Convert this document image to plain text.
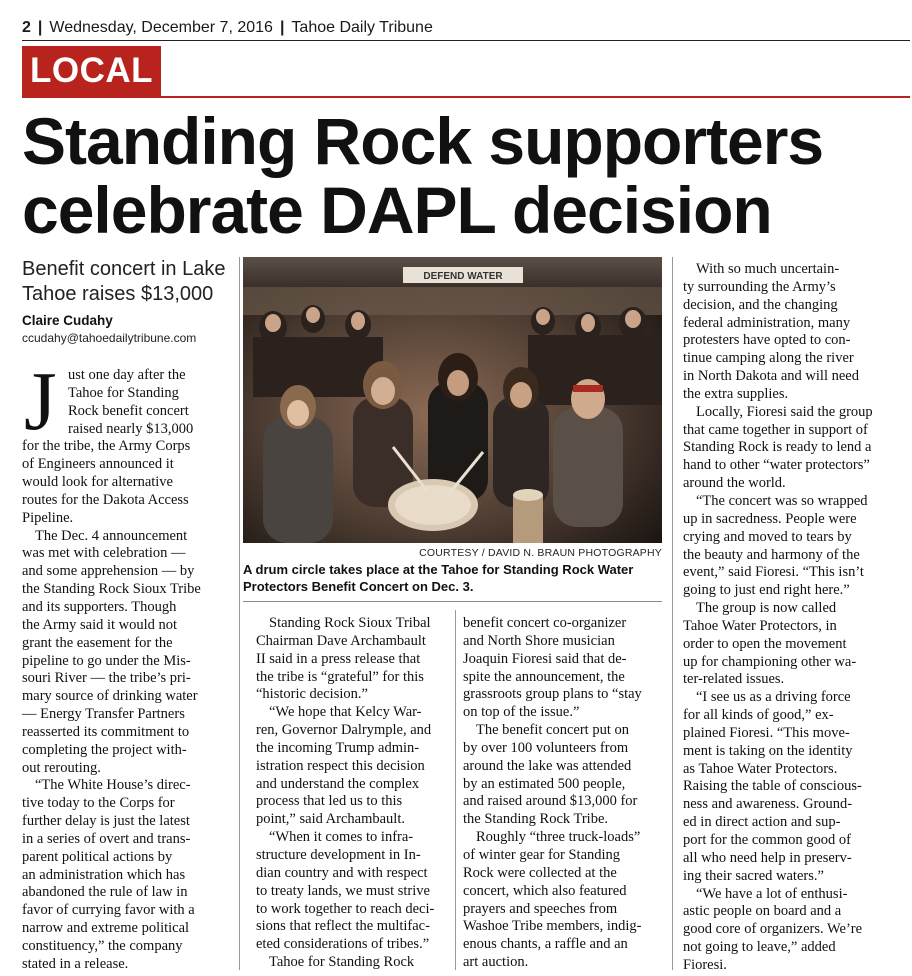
2 | Wednesday, December 7, 2016 | Tahoe Daily Tribune
LOCAL
Standing Rock supporters
celebrate DAPL decision
Benefit concert in Lake
Tahoe raises $13,000
Claire Cudahy
ccudahy@tahoedailytribune.com
DEFEND WATER
COURTESY / DAVID N. BRAUN PHOTOGRAPHY
A drum circle takes place at the Tahoe for Standing Rock Water
Protectors Benefit Concert on Dec. 3.
J ust one day after the
Tahoe for Standing
Rock benefit concert
raised nearly $13,000
for the tribe, the Army Corps
of Engineers announced it
would look for alternative
routes for the Dakota Access
Pipeline.
The Dec. 4 announcement
was met with celebration —
and some apprehension — by
the Standing Rock Sioux Tribe
and its supporters. Though
the Army said it would not
grant the easement for the
pipeline to go under the Mis-
souri River — the tribe’s pri-
mary source of drinking water
— Energy Transfer Partners
reasserted its commitment to
completing the project with-
out rerouting.
“The White House’s direc-
tive today to the Corps for
further delay is just the latest
in a series of overt and trans-
parent political actions by
an administration which has
abandoned the rule of law in
favor of currying favor with a
narrow and extreme political
constituency,” the company
stated in a release.
Standing Rock Sioux Tribal
Chairman Dave Archambault
II said in a press release that
the tribe is “grateful” for this
“historic decision.”
“We hope that Kelcy War-
ren, Governor Dalrymple, and
the incoming Trump admin-
istration respect this decision
and understand the complex
process that led us to this
point,” said Archambault.
“When it comes to infra-
structure development in In-
dian country and with respect
to treaty lands, we must strive
to work together to reach deci-
sions that reflect the multifac-
eted considerations of tribes.”
Tahoe for Standing Rock
benefit concert co-organizer
and North Shore musician
Joaquin Fioresi said that de-
spite the announcement, the
grassroots group plans to “stay
on top of the issue.”
The benefit concert put on
by over 100 volunteers from
around the lake was attended
by an estimated 500 people,
and raised around $13,000 for
the Standing Rock Tribe.
Roughly “three truck-loads”
of winter gear for Standing
Rock were collected at the
concert, which also featured
prayers and speeches from
Washoe Tribe members, indig-
enous chants, a raffle and an
art auction.
With so much uncertain-
ty surrounding the Army’s
decision, and the changing
federal administration, many
protesters have opted to con-
tinue camping along the river
in North Dakota and will need
the extra supplies.
Locally, Fioresi said the group
that came together in support of
Standing Rock is ready to lend a
hand to other “water protectors”
around the world.
“The concert was so wrapped
up in sacredness. People were
crying and moved to tears by
the beauty and harmony of the
event,” said Fioresi. “This isn’t
going to just end right here.”
The group is now called
Tahoe Water Protectors, in
order to open the movement
up for championing other wa-
ter-related issues.
“I see us as a driving force
for all kinds of good,” ex-
plained Fioresi. “This move-
ment is taking on the identity
as Tahoe Water Protectors.
Raising the table of conscious-
ness and awareness. Ground-
ed in direct action and sup-
port for the common good of
all who need help in preserv-
ing their sacred waters.”
“We have a lot of enthusi-
astic people on board and a
good core of organizers. We’re
not going to leave,” added
Fioresi.
